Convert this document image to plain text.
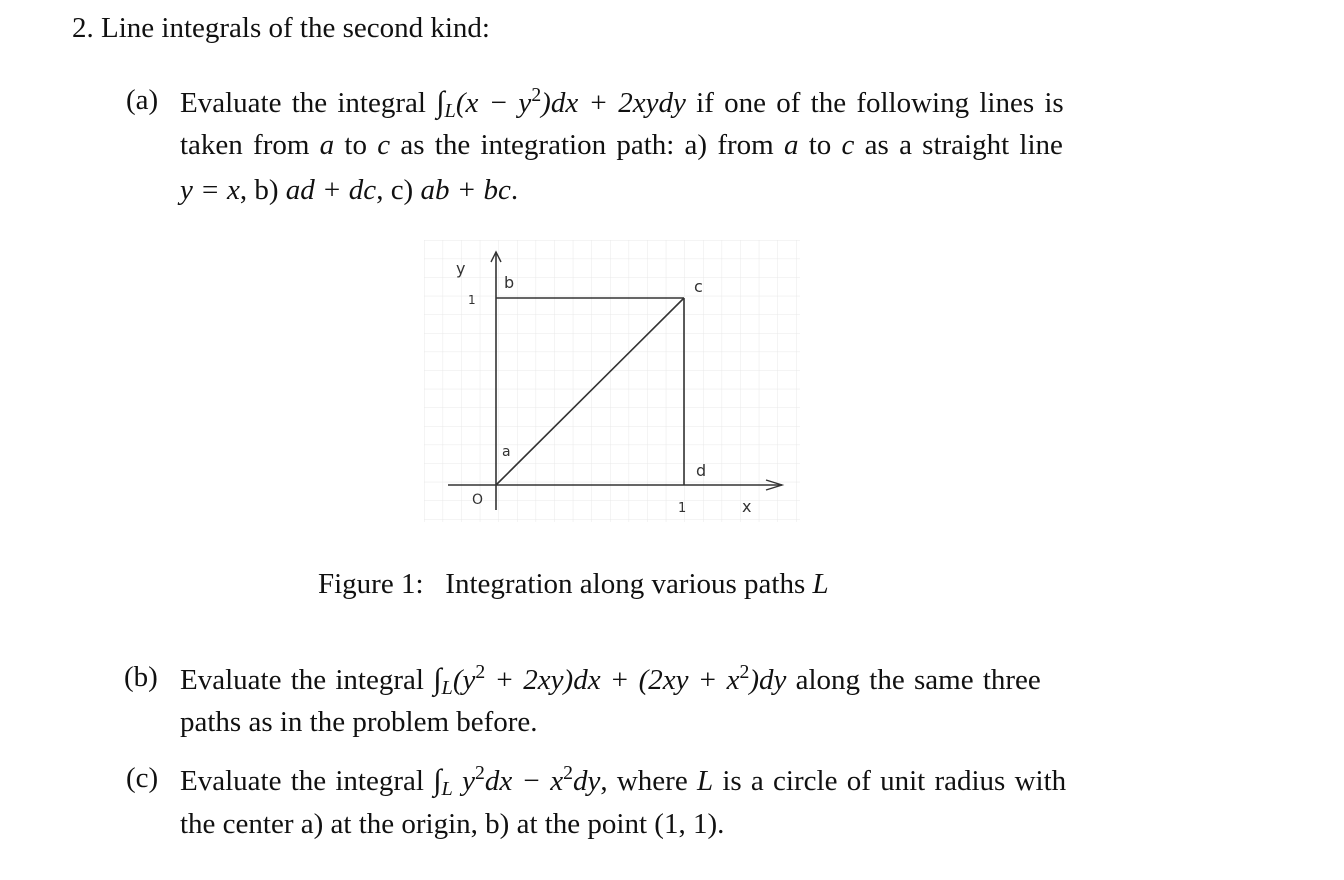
2. Line integrals of the second kind:
(a) Evaluate the integral $\int_L(x - y^2)dx$ + 2xydy if one of the following lines is
taken from a to c as the integration path: a) from a to c as a straight line
y = x, b) ad + dc, c) ab + bc.
y
1
b	c
a
d
O
1	x
Figure 1: Integration along various paths L
(b) Evaluate the integral $\int_L(y^2 + 2xy)dx + (2xy + x^2)dy$ along the same three
paths as in the problem before.
(c) Evaluate the integral $\int_L$ $y^2dx - x^2dy$, where L is a circle of unit radius with
the center a) at the origin, b) at the point (1, 1).
